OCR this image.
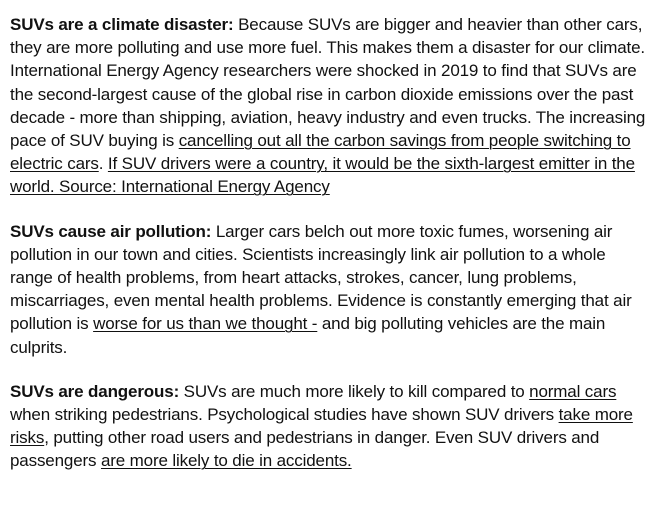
SUVs are a climate disaster: Because SUVs are bigger and heavier than other cars, they are more polluting and use more fuel. This makes them a disaster for our climate. International Energy Agency researchers were shocked in 2019 to find that SUVs are the second-largest cause of the global rise in carbon dioxide emissions over the past decade - more than shipping, aviation, heavy industry and even trucks. The increasing pace of SUV buying is cancelling out all the carbon savings from people switching to electric cars. If SUV drivers were a country, it would be the sixth-largest emitter in the world. Source: International Energy Agency

SUVs cause air pollution: Larger cars belch out more toxic fumes, worsening air pollution in our town and cities. Scientists increasingly link air pollution to a whole range of health problems, from heart attacks, strokes, cancer, lung problems, miscarriages, even mental health problems. Evidence is constantly emerging that air pollution is worse for us than we thought - and big polluting vehicles are the main culprits.

SUVs are dangerous: SUVs are much more likely to kill compared to normal cars when striking pedestrians. Psychological studies have shown SUV drivers take more risks, putting other road users and pedestrians in danger. Even SUV drivers and passengers are more likely to die in accidents.
